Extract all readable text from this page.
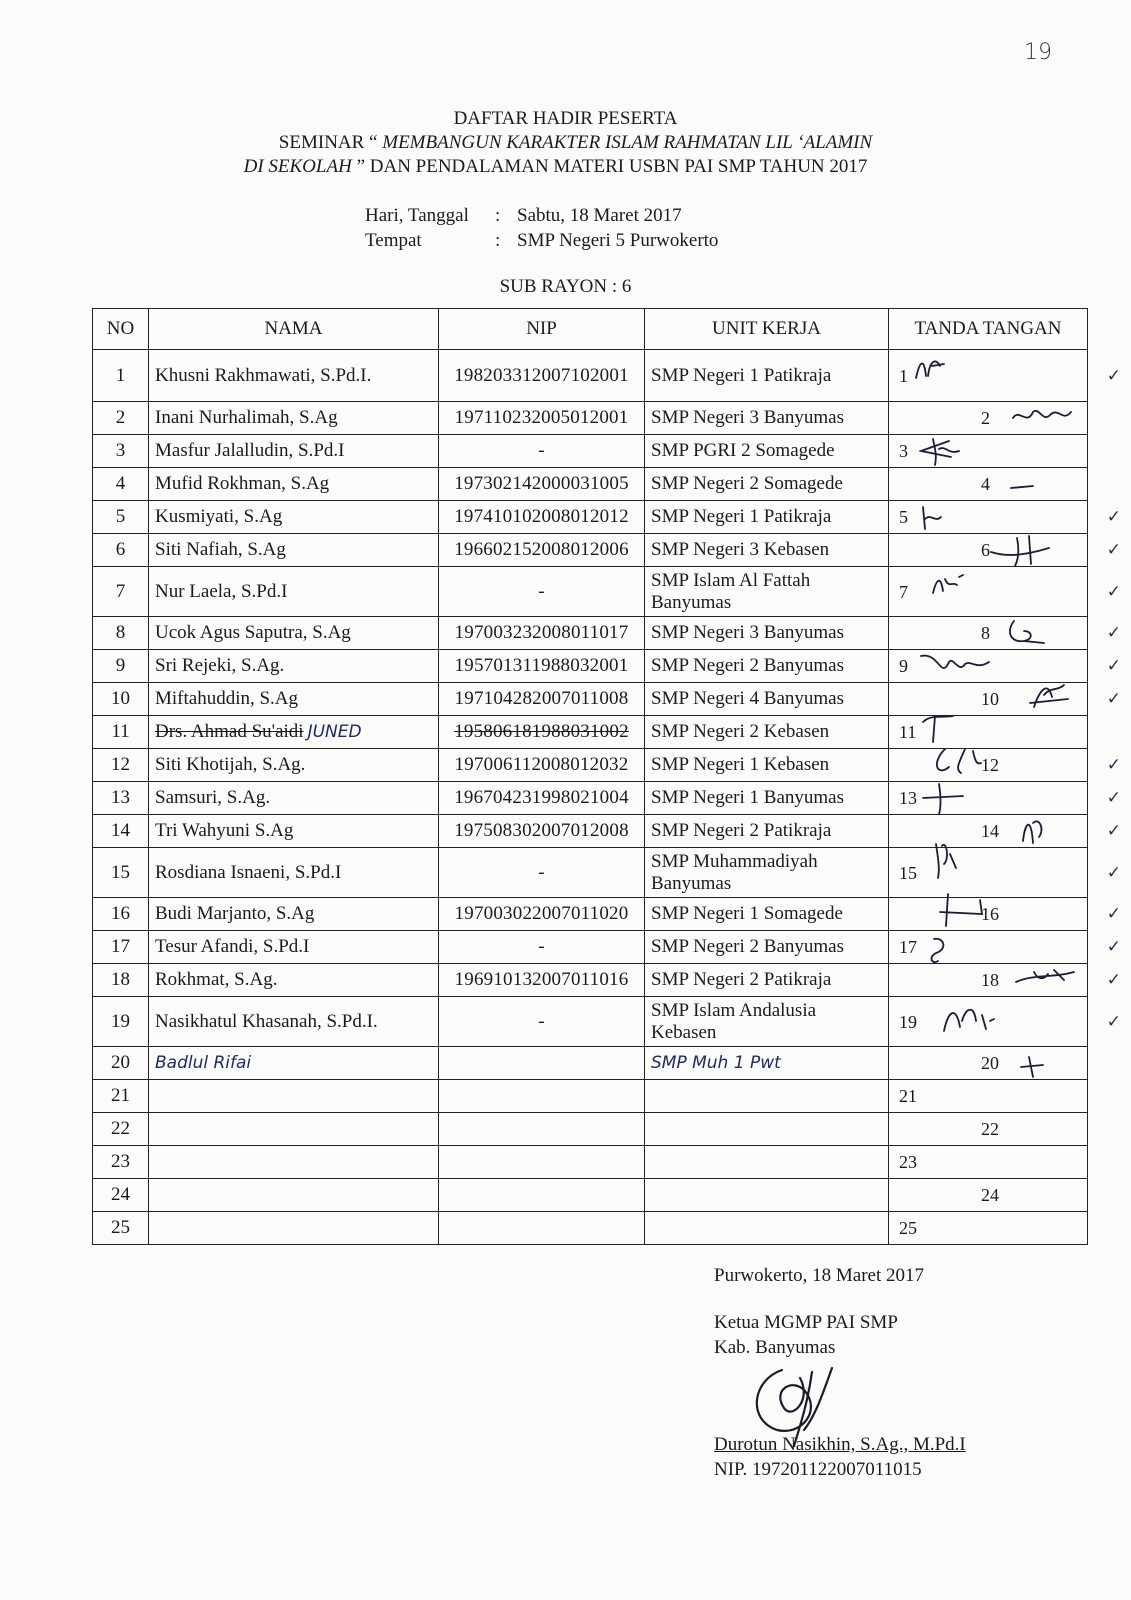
19
DAFTAR HADIR PESERTA
SEMINAR “ MEMBANGUN KARAKTER ISLAM RAHMATAN LIL ‘ALAMIN
DI SEKOLAH ” DAN PENDALAMAN MATERI USBN PAI SMP TAHUN 2017
Hari, Tanggal	: Sabtu, 18 Maret 2017
Tempat	: SMP Negeri 5 Purwokerto
SUB RAYON : 6
NO	NAMA	NIP	UNIT KERJA	TANDA TANGAN
1	Khusni Rakhmawati, S.Pd.I.	198203312007102001	SMP Negeri 1 Patikraja	1 ✓

2	Inani Nurhalimah, S.Ag	197110232005012001	SMP Negeri 3 Banyumas	2

3	Masfur Jalalludin, S.Pd.I	-	SMP PGRI 2 Somagede	3

4	Mufid Rokhman, S.Ag	197302142000031005	SMP Negeri 2 Somagede	4

5	Kusmiyati, S.Ag	197410102008012012	SMP Negeri 1 Patikraja	5 ✓

6	Siti Nafiah, S.Ag	196602152008012006	SMP Negeri 3 Kebasen	6 ✓

7	Nur Laela, S.Pd.I	-	SMP Islam Al Fattah Banyumas	7 ✓

8	Ucok Agus Saputra, S.Ag	197003232008011017	SMP Negeri 3 Banyumas	8 ✓

9	Sri Rejeki, S.Ag.	195701311988032001	SMP Negeri 2 Banyumas	9 ✓

10	Miftahuddin, S.Ag	197104282007011008	SMP Negeri 4 Banyumas	10 ✓

11	Drs. Ahmad Su'aidi JUNED	195806181988031002	SMP Negeri 2 Kebasen	11

12	Siti Khotijah, S.Ag.	197006112008012032	SMP Negeri 1 Kebasen	12 ✓

13	Samsuri, S.Ag.	196704231998021004	SMP Negeri 1 Banyumas	13 ✓

14	Tri Wahyuni S.Ag	197508302007012008	SMP Negeri 2 Patikraja	14 ✓

15	Rosdiana Isnaeni, S.Pd.I	-	SMP Muhammadiyah Banyumas	15 ✓

16	Budi Marjanto, S.Ag	197003022007011020	SMP Negeri 1 Somagede	16 ✓

17	Tesur Afandi, S.Pd.I	-	SMP Negeri 2 Banyumas	17 ✓

18	Rokhmat, S.Ag.	196910132007011016	SMP Negeri 2 Patikraja	18 ✓

19	Nasikhatul Khasanah, S.Pd.I.	-	SMP Islam Andalusia Kebasen	19 ✓

20	Badlul Rifai		SMP Muh 1 Pwt	20

21				21

22				22

23				23

24				24

25				25
Purwokerto, 18 Maret 2017
Ketua MGMP PAI SMP
Kab. Banyumas
Durotun Nasikhin, S.Ag., M.Pd.I
NIP. 197201122007011015
